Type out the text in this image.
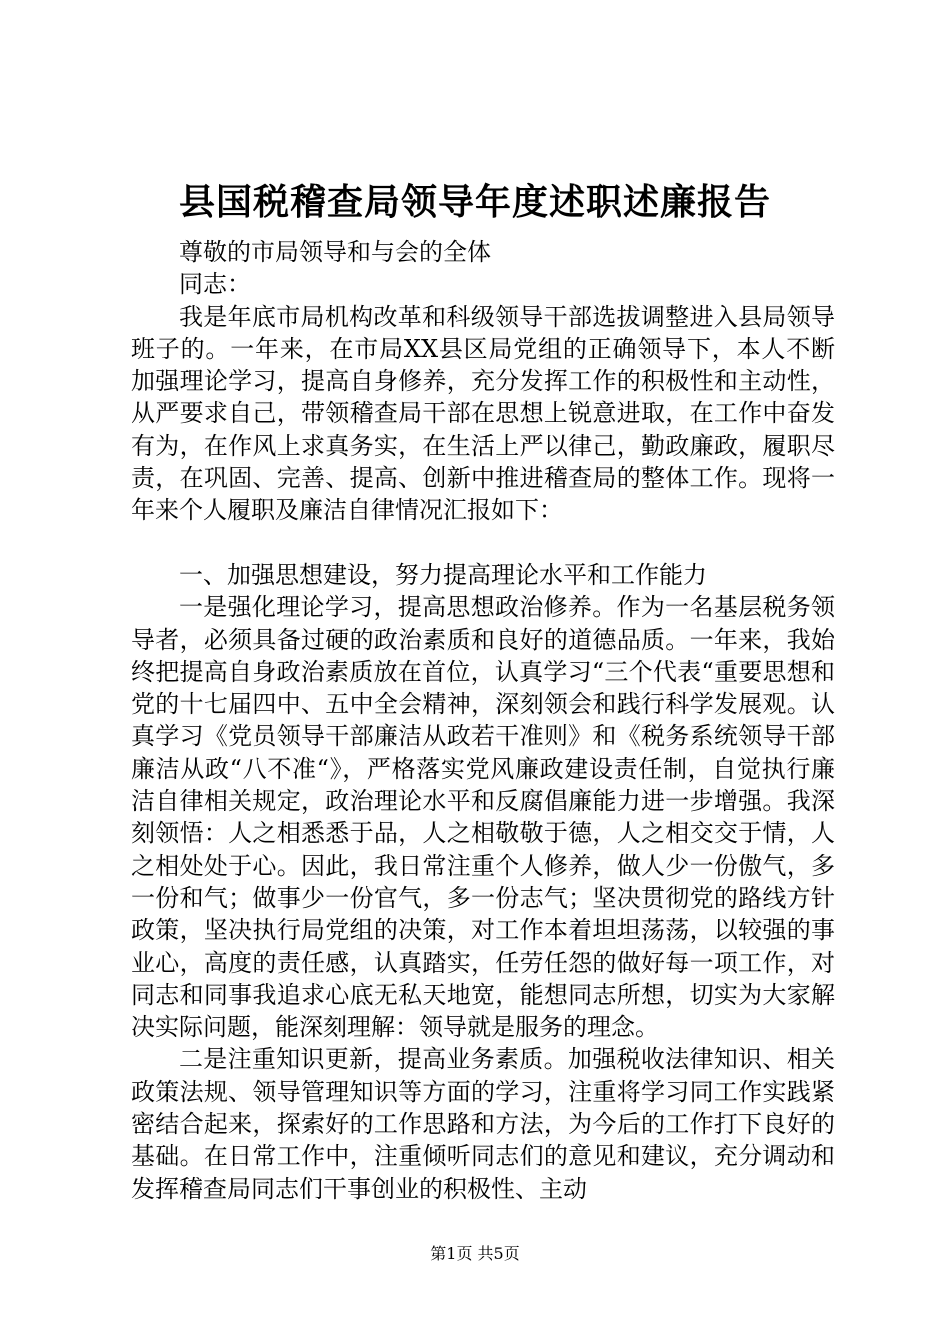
县国税稽查局领导年度述职述廉报告

尊敬的市局领导和与会的全体

同志：

我是年底市局机构改革和科级领导干部选拔调整进入县局领导班子的。一年来，在市局XX县区局党组的正确领导下，本人不断加强理论学习，提高自身修养，充分发挥工作的积极性和主动性，从严要求自己，带领稽查局干部在思想上锐意进取，在工作中奋发有为，在作风上求真务实，在生活上严以律己，勤政廉政，履职尽责，在巩固、完善、提高、创新中推进稽查局的整体工作。现将一年来个人履职及廉洁自律情况汇报如下：

一、加强思想建设，努力提高理论水平和工作能力

一是强化理论学习，提高思想政治修养。作为一名基层税务领导者，必须具备过硬的政治素质和良好的道德品质。一年来，我始终把提高自身政治素质放在首位，认真学习“三个代表“重要思想和党的十七届四中、五中全会精神，深刻领会和践行科学发展观。认真学习《党员领导干部廉洁从政若干准则》和《税务系统领导干部廉洁从政“八不准“》，严格落实党风廉政建设责任制，自觉执行廉洁自律相关规定，政治理论水平和反腐倡廉能力进一步增强。我深刻领悟：人之相悉悉于品，人之相敬敬于德，人之相交交于情，人之相处处于心。因此，我日常注重个人修养，做人少一份傲气，多一份和气；做事少一份官气，多一份志气；坚决贯彻党的路线方针政策，坚决执行局党组的决策，对工作本着坦坦荡荡，以较强的事业心，高度的责任感，认真踏实，任劳任怨的做好每一项工作，对同志和同事我追求心底无私天地宽，能想同志所想，切实为大家解决实际问题，能深刻理解：领导就是服务的理念。

二是注重知识更新，提高业务素质。加强税收法律知识、相关政策法规、领导管理知识等方面的学习，注重将学习同工作实践紧密结合起来，探索好的工作思路和方法，为今后的工作打下良好的基础。在日常工作中，注重倾听同志们的意见和建议，充分调动和发挥稽查局同志们干事创业的积极性、主动

第1页 共5页
